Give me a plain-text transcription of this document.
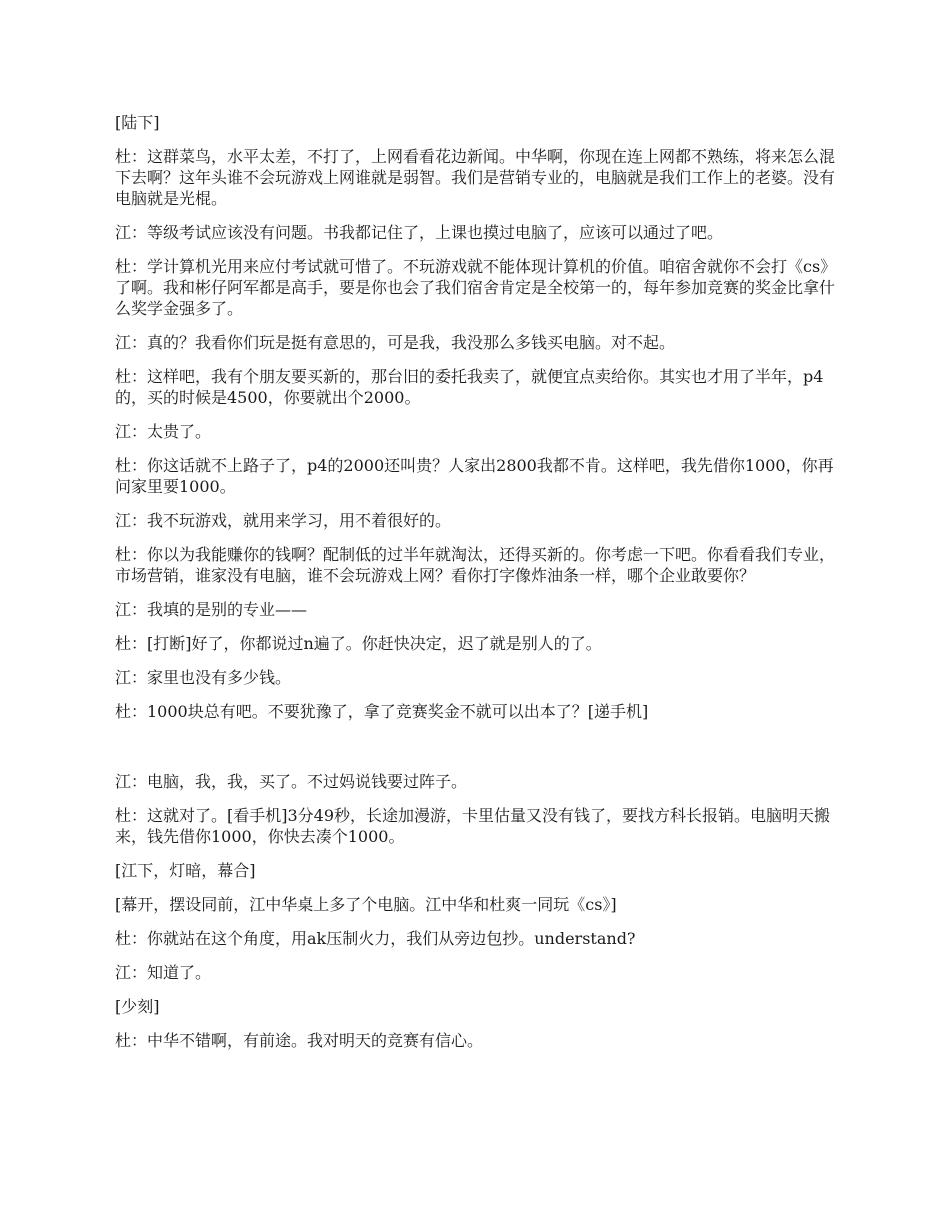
[陆下]

杜：这群菜鸟，水平太差，不打了，上网看看花边新闻。中华啊，你现在连上网都不熟练，将来怎么混下去啊？这年头谁不会玩游戏上网谁就是弱智。我们是营销专业的，电脑就是我们工作上的老婆。没有电脑就是光棍。

江：等级考试应该没有问题。书我都记住了，上课也摸过电脑了，应该可以通过了吧。

杜：学计算机光用来应付考试就可惜了。不玩游戏就不能体现计算机的价值。咱宿舍就你不会打《cs》了啊。我和彬仔阿军都是高手，要是你也会了我们宿舍肯定是全校第一的，每年参加竞赛的奖金比拿什么奖学金强多了。

江：真的？我看你们玩是挺有意思的，可是我，我没那么多钱买电脑。对不起。

杜：这样吧，我有个朋友要买新的，那台旧的委托我卖了，就便宜点卖给你。其实也才用了半年，p4的，买的时候是4500，你要就出个2000。

江：太贵了。

杜：你这话就不上路子了，p4的2000还叫贵？人家出2800我都不肯。这样吧，我先借你1000，你再问家里要1000。

江：我不玩游戏，就用来学习，用不着很好的。

杜：你以为我能赚你的钱啊？配制低的过半年就淘汰，还得买新的。你考虑一下吧。你看看我们专业，市场营销，谁家没有电脑，谁不会玩游戏上网？看你打字像炸油条一样，哪个企业敢要你？

江：我填的是别的专业——

杜：[打断]好了，你都说过n遍了。你赶快决定，迟了就是别人的了。

江：家里也没有多少钱。

杜：1000块总有吧。不要犹豫了，拿了竞赛奖金不就可以出本了？[递手机]

江：电脑，我，我，买了。不过妈说钱要过阵子。

杜：这就对了。[看手机]3分49秒，长途加漫游，卡里估量又没有钱了，要找方科长报销。电脑明天搬来，钱先借你1000，你快去凑个1000。

[江下，灯暗，幕合]

[幕开，摆设同前，江中华桌上多了个电脑。江中华和杜爽一同玩《cs》]

杜：你就站在这个角度，用ak压制火力，我们从旁边包抄。understand?

江：知道了。

[少刻]

杜：中华不错啊，有前途。我对明天的竞赛有信心。
